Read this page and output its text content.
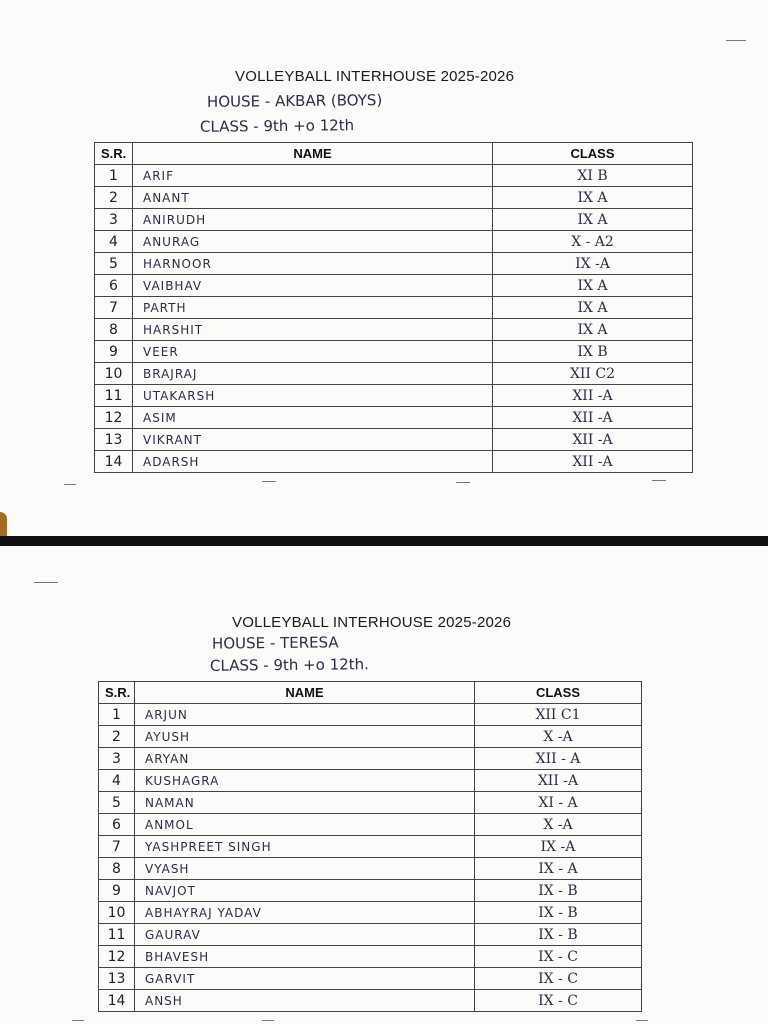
VOLLEYBALL INTERHOUSE 2025-2026
HOUSE - AKBAR (BOYS)
CLASS - 9th +o 12th
S.R.	NAME	CLASS
1	ARIF	XI B
2	ANANT	IX A
3	ANIRUDH	IX A
4	ANURAG	X - A2
5	HARNOOR	IX -A
6	VAIBHAV	IX A
7	PARTH	IX A
8	HARSHIT	IX A
9	VEER	IX B
10	BRAJRAJ	XII C2
11	UTAKARSH	XII -A
12	ASIM	XII -A
13	VIKRANT	XII -A
14	ADARSH	XII -A
VOLLEYBALL INTERHOUSE 2025-2026
HOUSE - TERESA
CLASS - 9th +o 12th.
S.R.	NAME	CLASS
1	ARJUN	XII C1
2	AYUSH	X -A
3	ARYAN	XII - A
4	KUSHAGRA	XII -A
5	NAMAN	XI - A
6	ANMOL	X -A
7	YASHPREET SINGH	IX -A
8	VYASH	IX - A
9	NAVJOT	IX - B
10	ABHAYRAJ YADAV	IX - B
11	GAURAV	IX - B
12	BHAVESH	IX - C
13	GARVIT	IX - C
14	ANSH	IX - C
